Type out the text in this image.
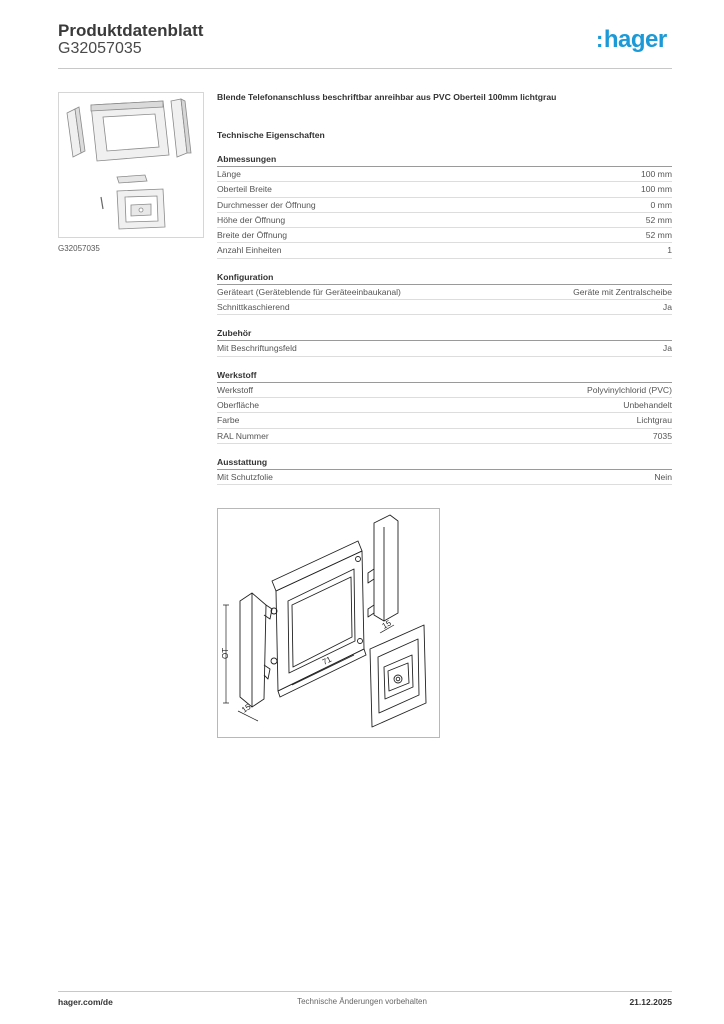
Produktdatenblatt
G32057035	:hager
G32057035
Blende Telefonanschluss beschriftbar anreihbar aus PVC Oberteil 100mm lichtgrau
Technische Eigenschaften
Abmessungen
Länge	100 mm
Oberteil Breite	100 mm
Durchmesser der Öffnung	0 mm
Höhe der Öffnung	52 mm
Breite der Öffnung	52 mm
Anzahl Einheiten	1
Konfiguration
Geräteart (Geräteblende für Geräteeinbaukanal)	Geräte mit Zentralscheibe
Schnittkaschierend	Ja
Zubehör
Mit Beschriftungsfeld	Ja
Werkstoff
Werkstoff	Polyvinylchlorid (PVC)
Oberfläche	Unbehandelt
Farbe	Lichtgrau
RAL Nummer	7035
Ausstattung
Mit Schutzfolie	Nein
OT
71
15
15
hager.com/de	Technische Änderungen vorbehalten	21.12.2025
